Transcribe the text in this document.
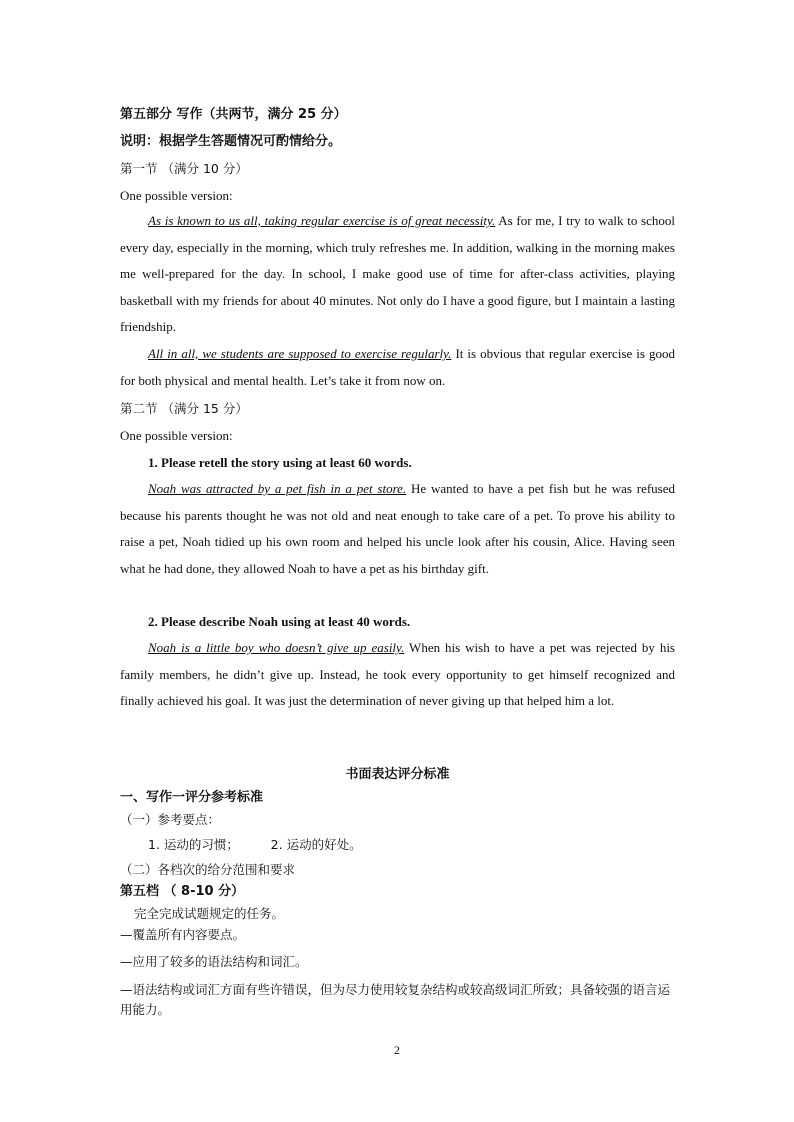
第五部分 写作（共两节，满分 25 分）
说明：根据学生答题情况可酌情给分。
第一节 （满分 10 分）
One possible version:
As is known to us all, taking regular exercise is of great necessity. As for me, I try to walk to school every day, especially in the morning, which truly refreshes me. In addition, walking in the morning makes me well-prepared for the day. In school, I make good use of time for after-class activities, playing basketball with my friends for about 40 minutes. Not only do I have a good figure, but I maintain a lasting friendship.
All in all, we students are supposed to exercise regularly. It is obvious that regular exercise is good for both physical and mental health. Let’s take it from now on.
第二节 （满分 15 分）
One possible version:
1. Please retell the story using at least 60 words.
Noah was attracted by a pet fish in a pet store. He wanted to have a pet fish but he was refused because his parents thought he was not old and neat enough to take care of a pet. To prove his ability to raise a pet, Noah tidied up his own room and helped his uncle look after his cousin, Alice. Having seen what he had done, they allowed Noah to have a pet as his birthday gift.
2. Please describe Noah using at least 40 words.
Noah is a little boy who doesn’t give up easily. When his wish to have a pet was rejected by his family members, he didn’t give up. Instead, he took every opportunity to get himself recognized and finally achieved his goal. It was just the determination of never giving up that helped him a lot.
书面表达评分标准
一、写作一评分参考标准
（一）参考要点：
1. 运动的习惯；        2. 运动的好处。
（二）各档次的给分范围和要求
第五档 （ 8-10 分）
完全完成试题规定的任务。
—覆盖所有内容要点。
—应用了较多的语法结构和词汇。
—语法结构或词汇方面有些许错误，但为尽力使用较复杂结构或较高级词汇所致；具备较强的语言运用能力。
2
